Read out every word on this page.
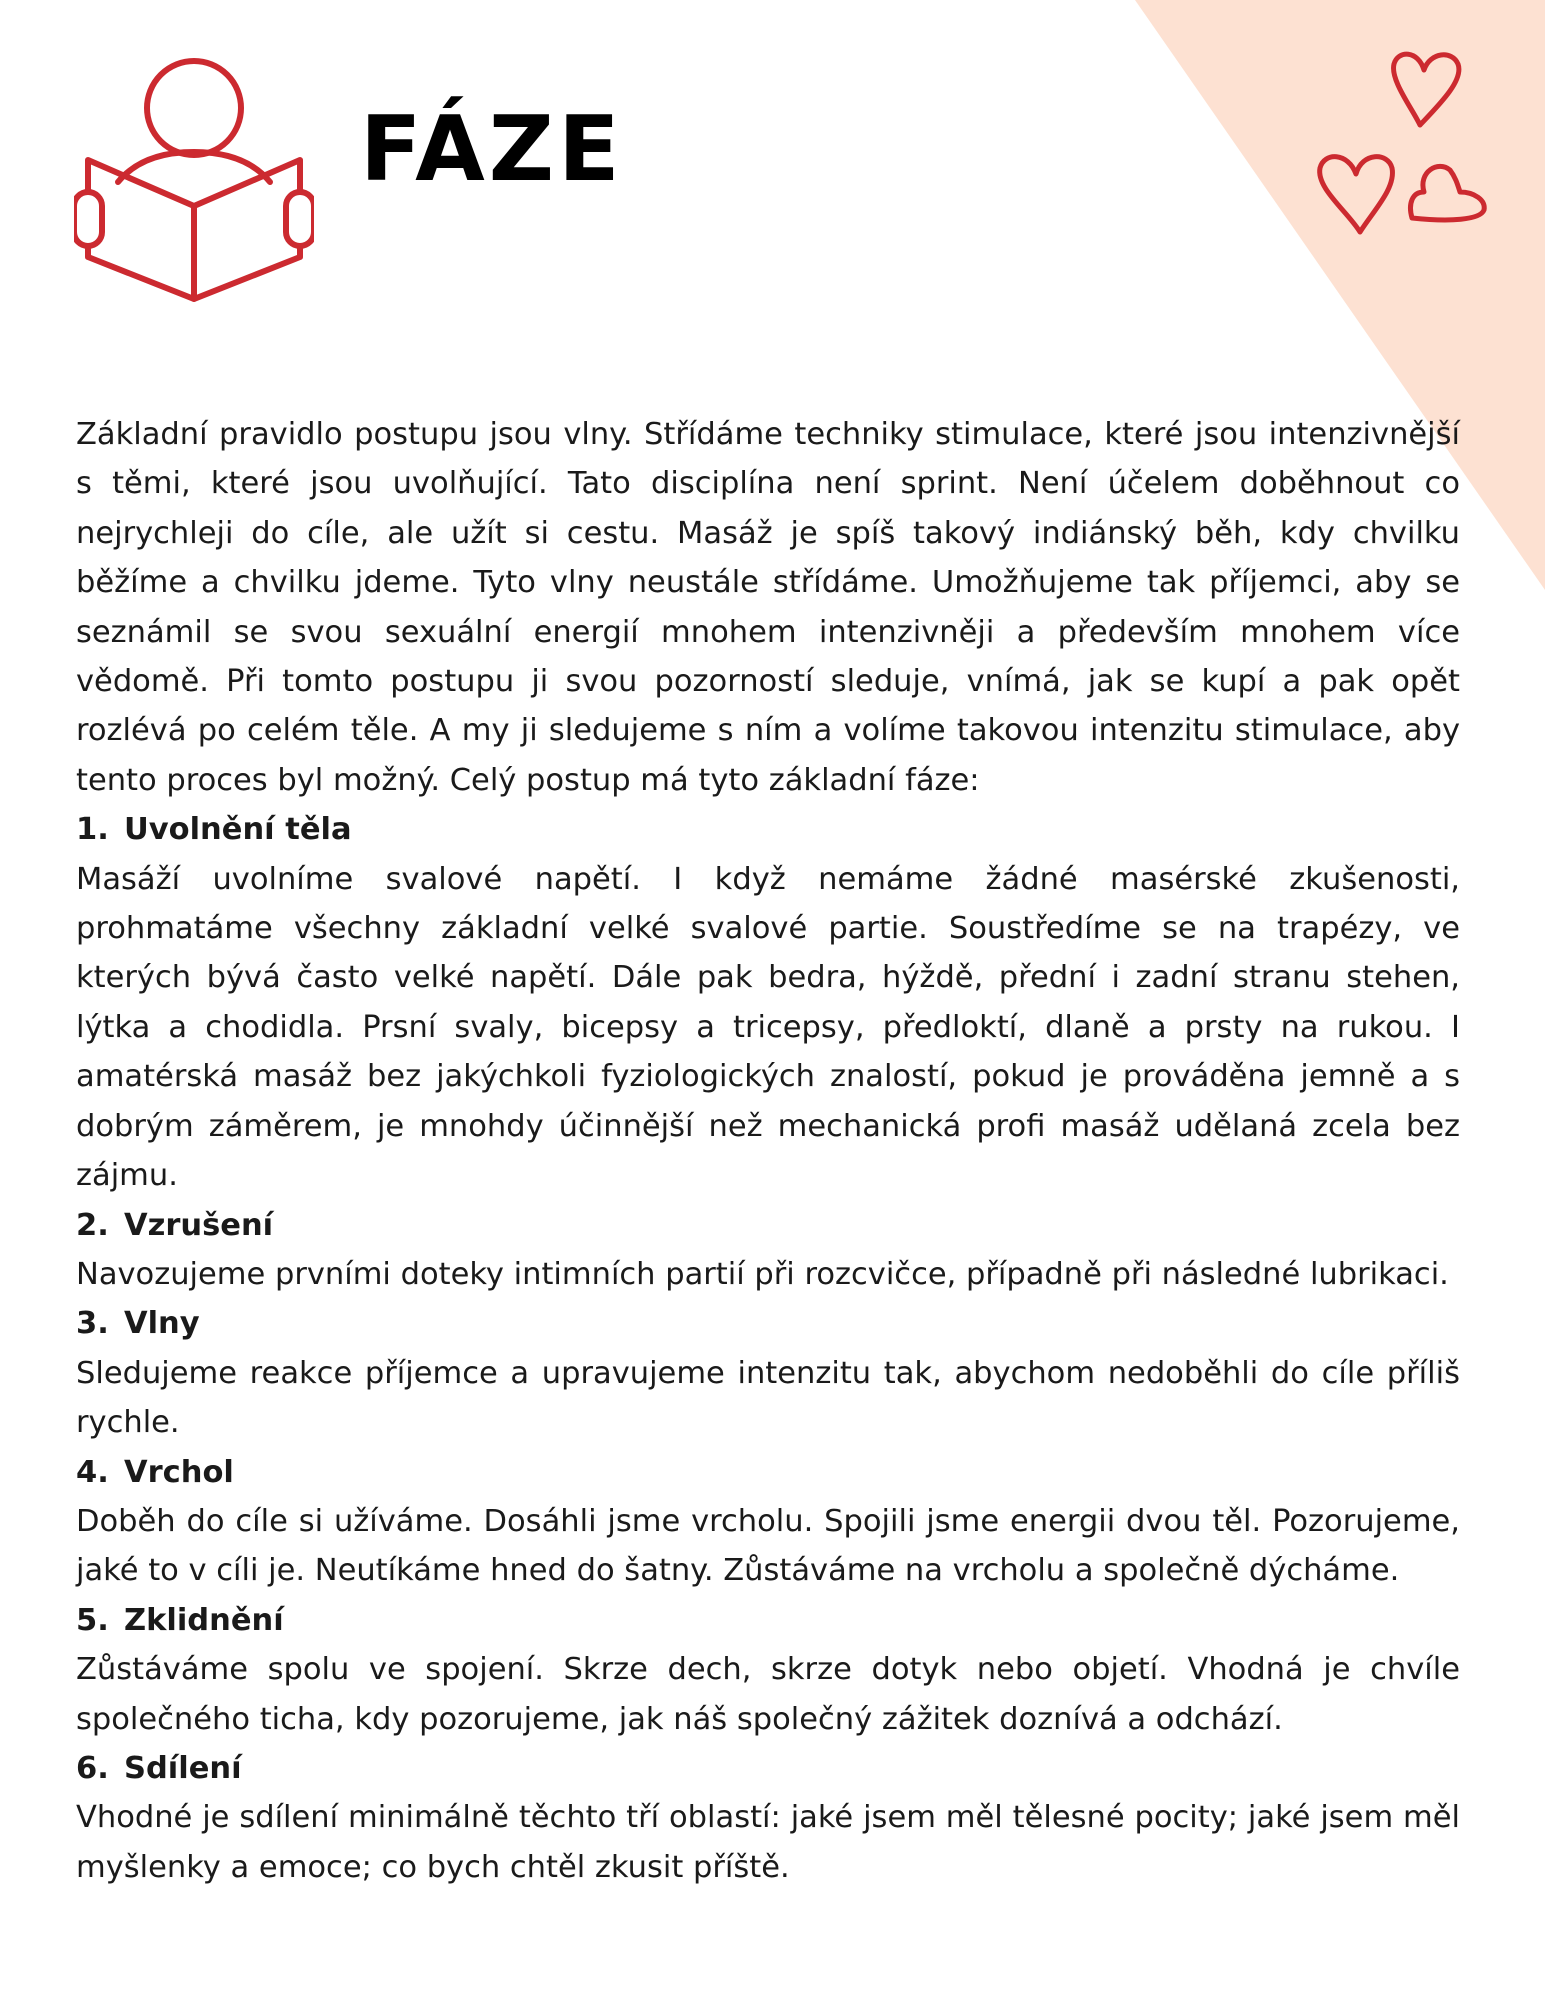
FÁZE

Základní pravidlo postupu jsou vlny. Střídáme techniky stimulace, které jsou intenzivnější s těmi, které jsou uvolňující. Tato disciplína není sprint. Není účelem doběhnout co nejrychleji do cíle, ale užít si cestu. Masáž je spíš takový indiánský běh, kdy chvilku běžíme a chvilku jdeme. Tyto vlny neustále střídáme. Umožňujeme tak příjemci, aby se seznámil se svou sexuální energií mnohem intenzivněji a především mnohem více vědomě. Při tomto postupu ji svou pozorností sleduje, vnímá, jak se kupí a pak opět rozlévá po celém těle. A my ji sledujeme s ním a volíme takovou intenzitu stimulace, aby tento proces byl možný. Celý postup má tyto základní fáze:

1. Uvolnění těla

Masáží uvolníme svalové napětí. I když nemáme žádné masérské zkušenosti, prohmatáme všechny základní velké svalové partie. Soustředíme se na trapézy, ve kterých bývá často velké napětí. Dále pak bedra, hýždě, přední i zadní stranu stehen, lýtka a chodidla. Prsní svaly, bicepsy a tricepsy, předloktí, dlaně a prsty na rukou. I amatérská masáž bez jakýchkoli fyziologických znalostí, pokud je prováděna jemně a s dobrým záměrem, je mnohdy účinnější než mechanická profi masáž udělaná zcela bez zájmu.

2. Vzrušení

Navozujeme prvními doteky intimních partií při rozcvičce, případně při následné lubrikaci.

3. Vlny

Sledujeme reakce příjemce a upravujeme intenzitu tak, abychom nedoběhli do cíle příliš rychle.

4. Vrchol

Doběh do cíle si užíváme. Dosáhli jsme vrcholu. Spojili jsme energii dvou těl. Pozorujeme, jaké to v cíli je. Neutíkáme hned do šatny. Zůstáváme na vrcholu a společně dýcháme.

5. Zklidnění

Zůstáváme spolu ve spojení. Skrze dech, skrze dotyk nebo objetí. Vhodná je chvíle společného ticha, kdy pozorujeme, jak náš společný zážitek doznívá a odchází.

6. Sdílení

Vhodné je sdílení minimálně těchto tří oblastí: jaké jsem měl tělesné pocity; jaké jsem měl myšlenky a emoce; co bych chtěl zkusit příště.
